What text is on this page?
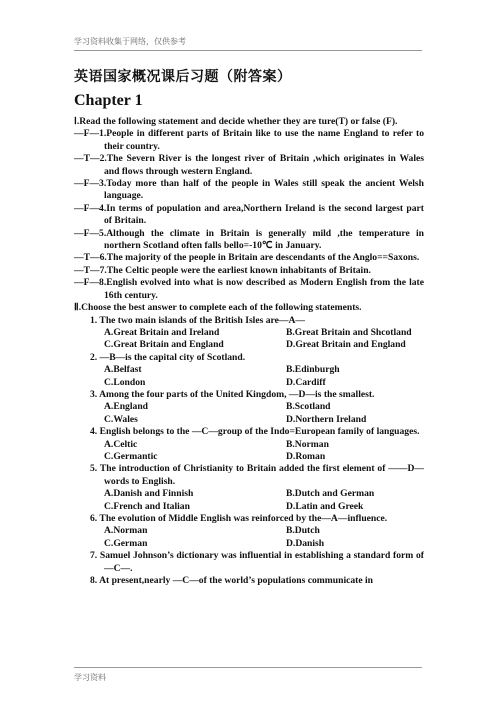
学习资料收集于网络，仅供参考
英语国家概况课后习题（附答案）
Chapter 1
Ⅰ.Read the following statement and decide whether they are ture(T) or false (F).
—F—1.People in different parts of Britain like to use the name England to refer to their country.
—T—2.The Severn River is the longest river of Britain ,which originates in Wales and flows through western England.
—F—3.Today more than half of the people in Wales still speak the ancient Welsh language.
—F—4.In terms of population and area,Northern Ireland is the second largest part of Britain.
—F—5.Although the climate in Britain is generally mild ,the temperature in northern Scotland often falls bello=-10℃ in January.
—T—6.The majority of the people in Britain are descendants of the Anglo==Saxons.
—T—7.The Celtic people were the earliest known inhabitants of Britain.
—F—8.English evolved into what is now described as Modern English from the late 16th century.
Ⅱ.Choose the best answer to complete each of the following statements.
1. The two main islands of the British Isles are—A—
A.Great Britain and Ireland	B.Great Britain and Shcotland
C.Great Britain and England	D.Great Britain and England
2. —B—is the capital city of Scotland.
A.Belfast	B.Edinburgh
C.London	D.Cardiff
3. Among the four parts of the United Kingdom, —D—is the smallest.
A.England	B.Scotland
C.Wales	D.Northern Ireland
4. English belongs to the —C—group of the Indo=European family of languages.
A.Celtic	B.Norman
C.Germantic	D.Roman
5. The introduction of Christianity to Britain added the first element of ——D—words to English.
A.Danish and Finnish	B.Dutch and German
C.French and Italian	D.Latin and Greek
6. The evolution of Middle English was reinforced by the—A—influence.
A.Norman	B.Dutch
C.German	D.Danish
7. Samuel Johnson’s dictionary was influential in establishing a standard form of—C—.
8. At present,nearly —C—of the world’s populations communicate in
学习资料
